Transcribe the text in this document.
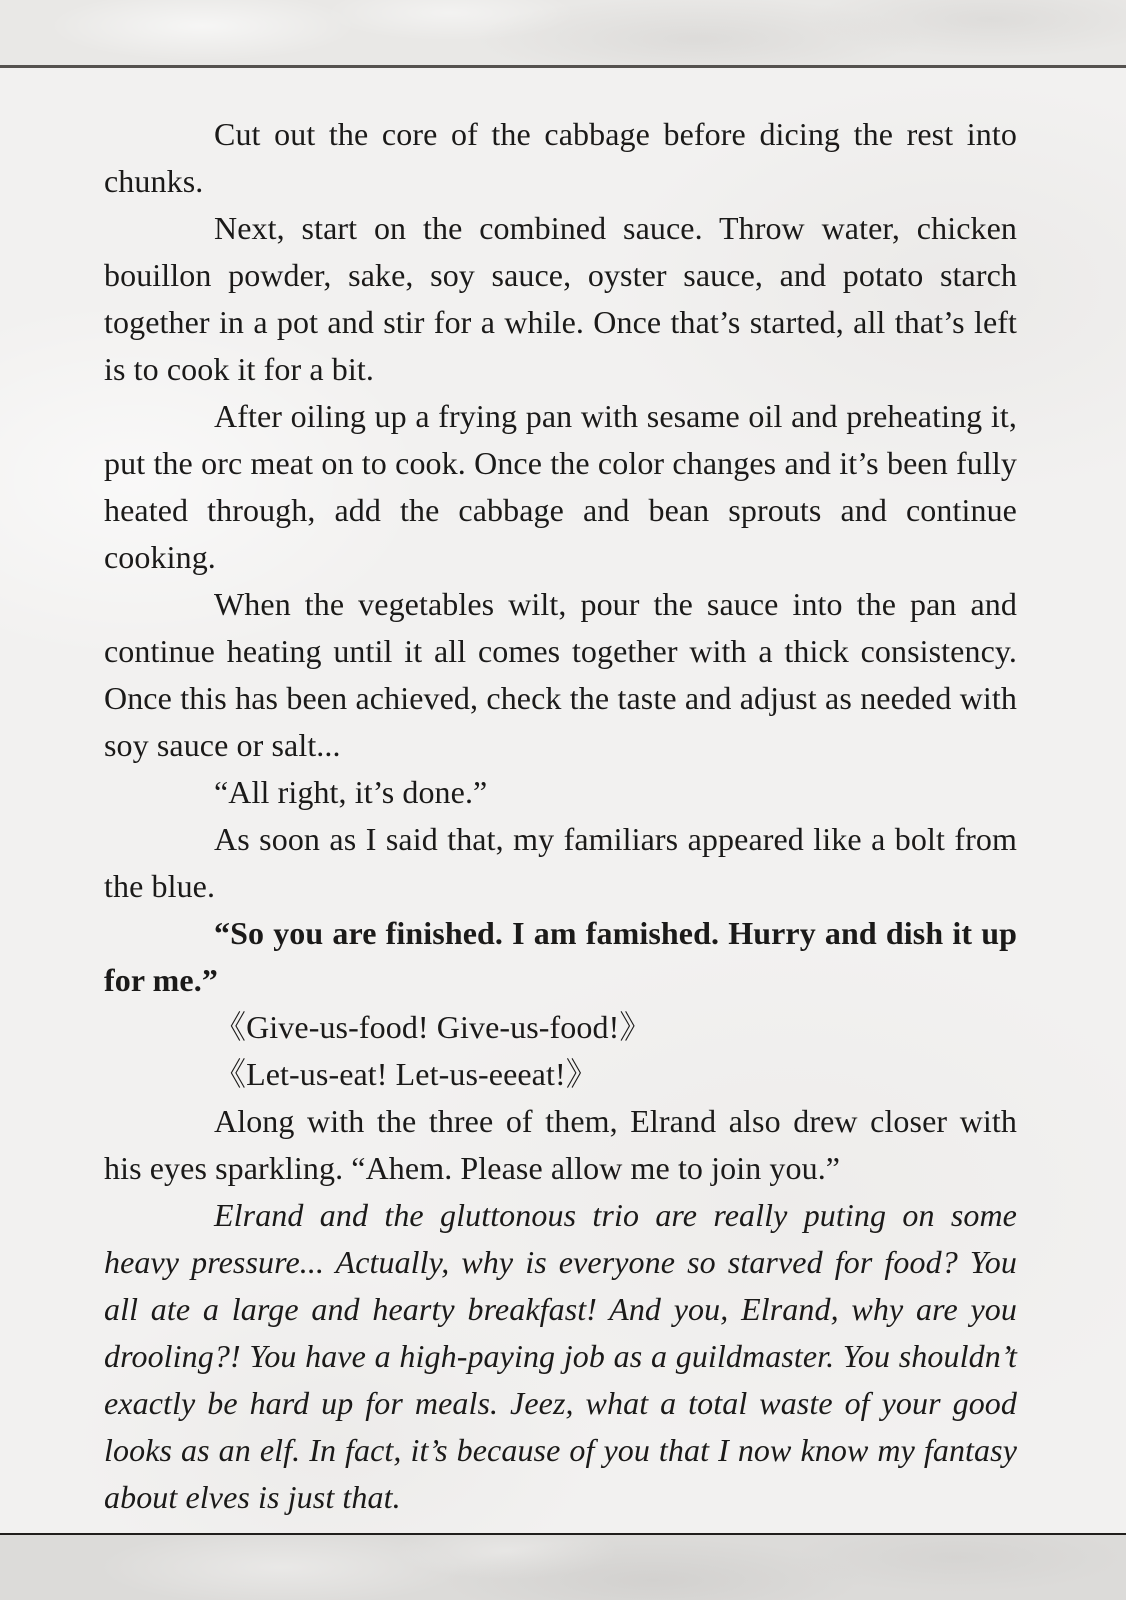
Cut out the core of the cabbage before dicing the rest into chunks.

Next, start on the combined sauce. Throw water, chicken bouillon powder, sake, soy sauce, oyster sauce, and potato starch together in a pot and stir for a while. Once that’s started, all that’s left is to cook it for a bit.

After oiling up a frying pan with sesame oil and preheating it, put the orc meat on to cook. Once the color changes and it’s been fully heated through, add the cabbage and bean sprouts and continue cooking.

When the vegetables wilt, pour the sauce into the pan and continue heating until it all comes together with a thick consistency. Once this has been achieved, check the taste and adjust as needed with soy sauce or salt...

“All right, it’s done.”

As soon as I said that, my familiars appeared like a bolt from the blue.

“So you are finished. I am famished. Hurry and dish it up for me.”

《Give-us-food! Give-us-food!》

《Let-us-eat! Let-us-eeeat!》

Along with the three of them, Elrand also drew closer with his eyes sparkling. “Ahem. Please allow me to join you.”

Elrand and the gluttonous trio are really puting on some heavy pressure... Actually, why is everyone so starved for food? You all ate a large and hearty breakfast! And you, Elrand, why are you drooling?! You have a high-paying job as a guildmaster. You shouldn’t exactly be hard up for meals. Jeez, what a total waste of your good looks as an elf. In fact, it’s because of you that I now know my fantasy about elves is just that.
